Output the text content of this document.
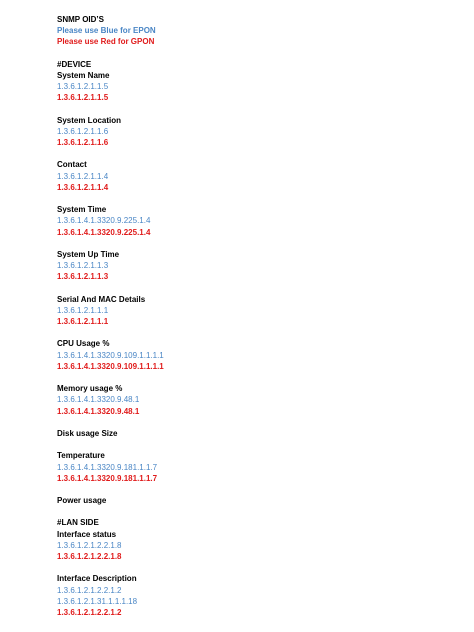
SNMP OID’S
Please use Blue for EPON
Please use Red for GPON
#DEVICE
System Name
1.3.6.1.2.1.1.5
1.3.6.1.2.1.1.5
System Location
1.3.6.1.2.1.1.6
1.3.6.1.2.1.1.6
Contact
1.3.6.1.2.1.1.4
1.3.6.1.2.1.1.4
System Time
1.3.6.1.4.1.3320.9.225.1.4
1.3.6.1.4.1.3320.9.225.1.4
System Up Time
1.3.6.1.2.1.1.3
1.3.6.1.2.1.1.3
Serial And MAC Details
1.3.6.1.2.1.1.1
1.3.6.1.2.1.1.1
CPU Usage %
1.3.6.1.4.1.3320.9.109.1.1.1.1
1.3.6.1.4.1.3320.9.109.1.1.1.1
Memory usage %
1.3.6.1.4.1.3320.9.48.1
1.3.6.1.4.1.3320.9.48.1
Disk usage Size
Temperature
1.3.6.1.4.1.3320.9.181.1.1.7
1.3.6.1.4.1.3320.9.181.1.1.7
Power usage
#LAN SIDE
Interface status
1.3.6.1.2.1.2.2.1.8
1.3.6.1.2.1.2.2.1.8
Interface Description
1.3.6.1.2.1.2.2.1.2
1.3.6.1.2.1.31.1.1.1.18
1.3.6.1.2.1.2.2.1.2
